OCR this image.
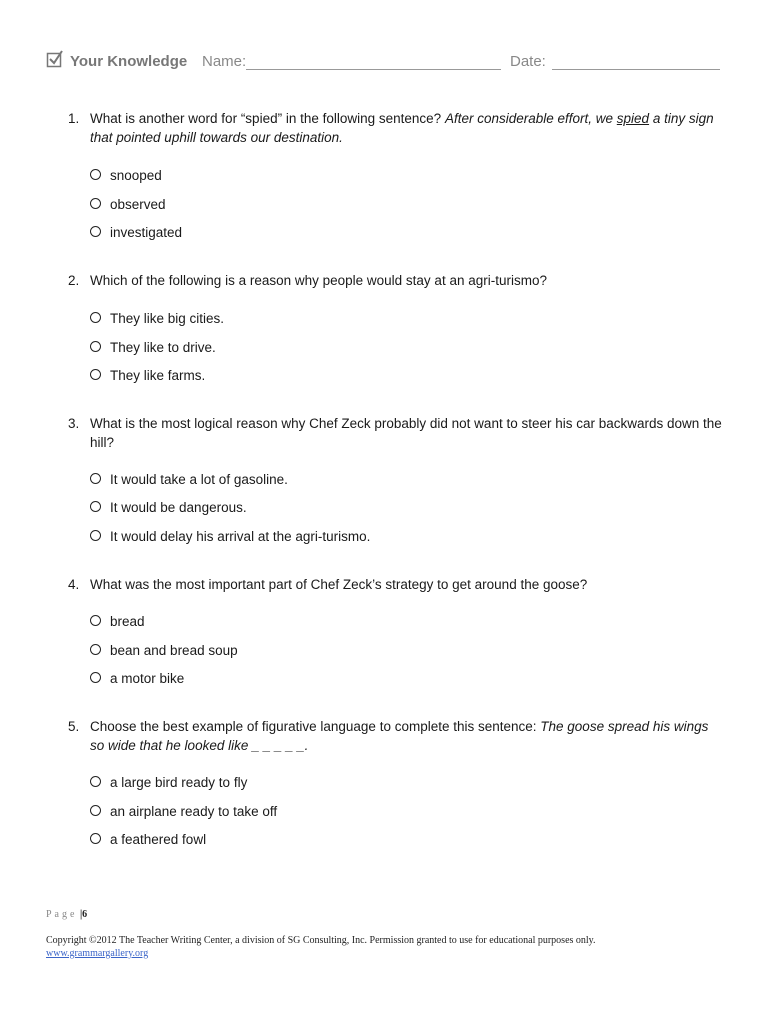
Your Knowledge Name:	Date:
1. What is another word for “spied” in the following sentence? After considerable effort, we spied a tiny sign that pointed uphill towards our destination.
snooped
observed
investigated
2. Which of the following is a reason why people would stay at an agri-turismo?
They like big cities.
They like to drive.
They like farms.
3. What is the most logical reason why Chef Zeck probably did not want to steer his car backwards down the hill?
It would take a lot of gasoline.
It would be dangerous.
It would delay his arrival at the agri-turismo.
4. What was the most important part of Chef Zeck’s strategy to get around the goose?
bread
bean and bread soup
a motor bike
5. Choose the best example of figurative language to complete this sentence: The goose spread his wings so wide that he looked like _ _ _ _ _.
a large bird ready to fly
an airplane ready to take off
a feathered fowl
Page |6
Copyright ©2012 The Teacher Writing Center, a division of SG Consulting, Inc. Permission granted to use for educational purposes only.
www.grammargallery.org
